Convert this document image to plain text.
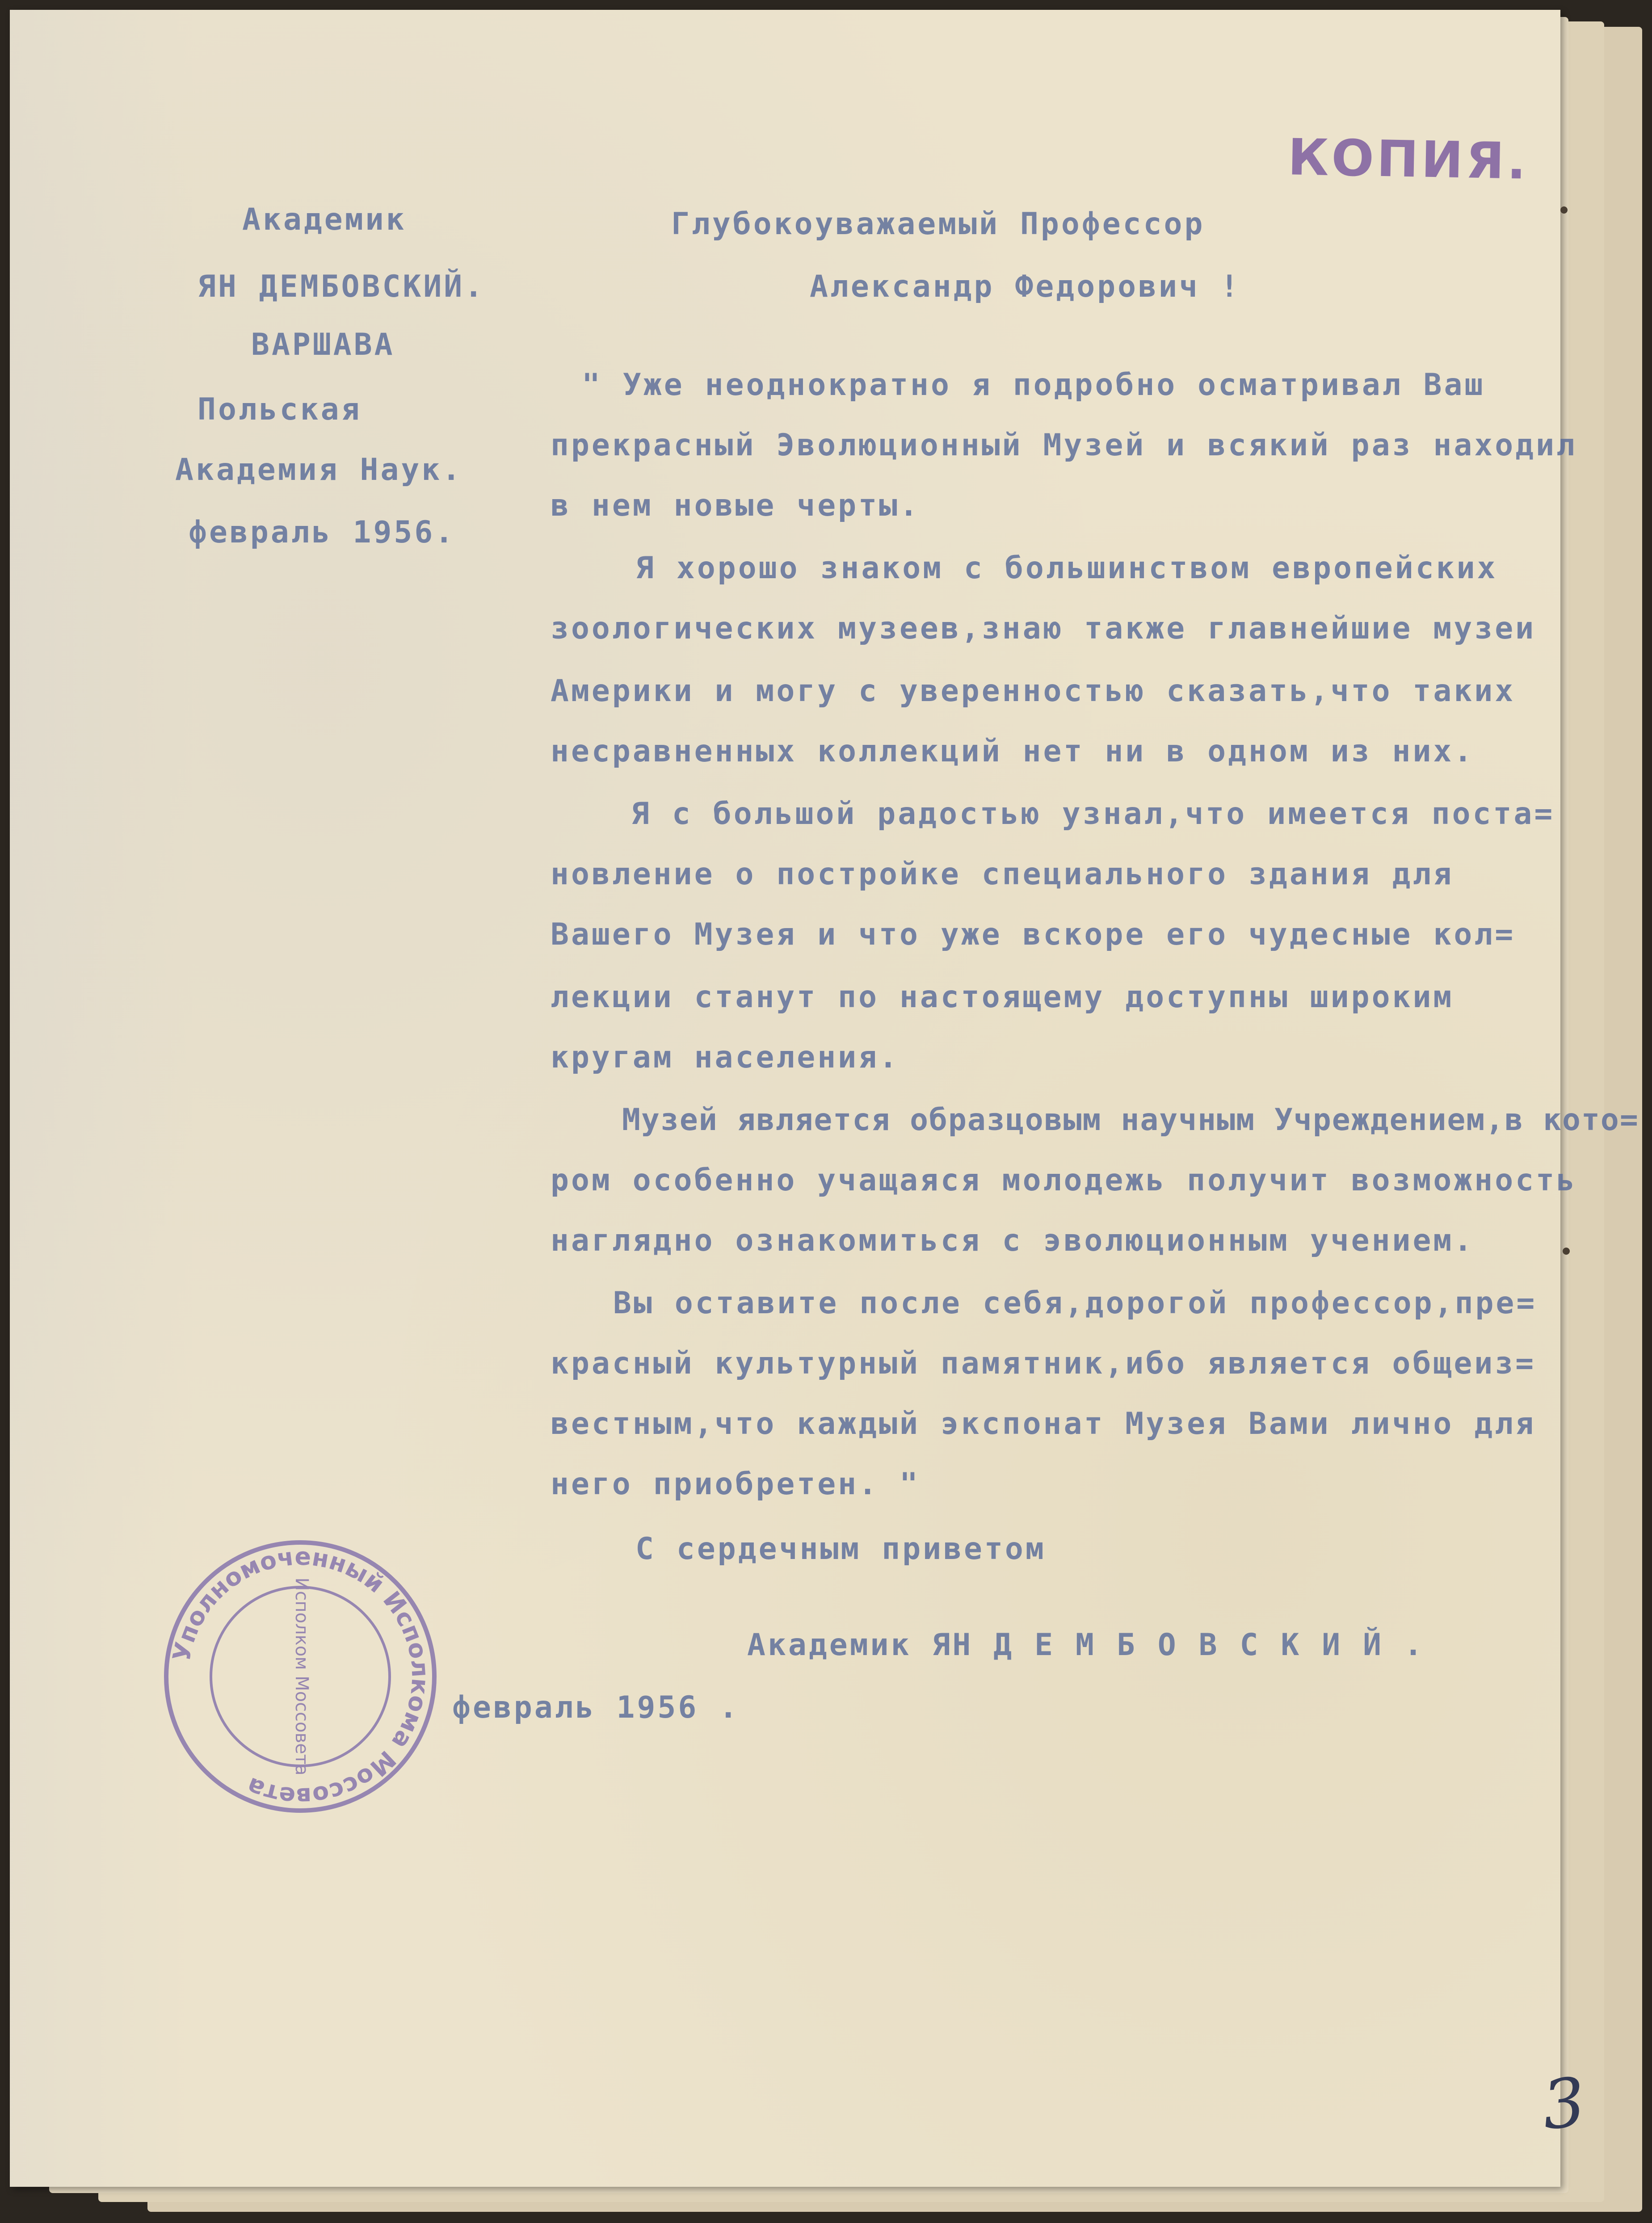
КОПИЯ.
Академик
ЯН ДЕМБОВСКИЙ.
ВАРШАВА
Польская
Академия Наук.
февраль 1956.
Глубокоуважаемый Профессор
Александр Федорович !
" Уже неоднократно я подробно осматривал Ваш
прекрасный Эволюционный Музей и всякий раз находил
в нем новые черты.
Я хорошо знаком с большинством европейских
зоологических музеев,знаю также главнейшие музеи
Америки и могу с уверенностью сказать,что таких
несравненных коллекций нет ни в одном из них.
Я с большой радостью узнал,что имеется поста=
новление о постройке специального здания для
Вашего Музея и что уже вскоре его чудесные кол=
лекции станут по настоящему доступны широким
кругам населения.
Музей является образцовым научным Учреждением,в кото=
ром особенно учащаяся молодежь получит возможность
наглядно ознакомиться с эволюционным учением.
Вы оставите после себя,дорогой профессор,пре=
красный культурный памятник,ибо является общеиз=
вестным,что каждый экспонат Музея Вами лично для
него приобретен. "
С сердечным приветом
Академик ЯН Д Е М Б О В С К И Й .
февраль 1956 .
Уполномоченный Исполкома Моссовета
Исполком Моссовета
3
